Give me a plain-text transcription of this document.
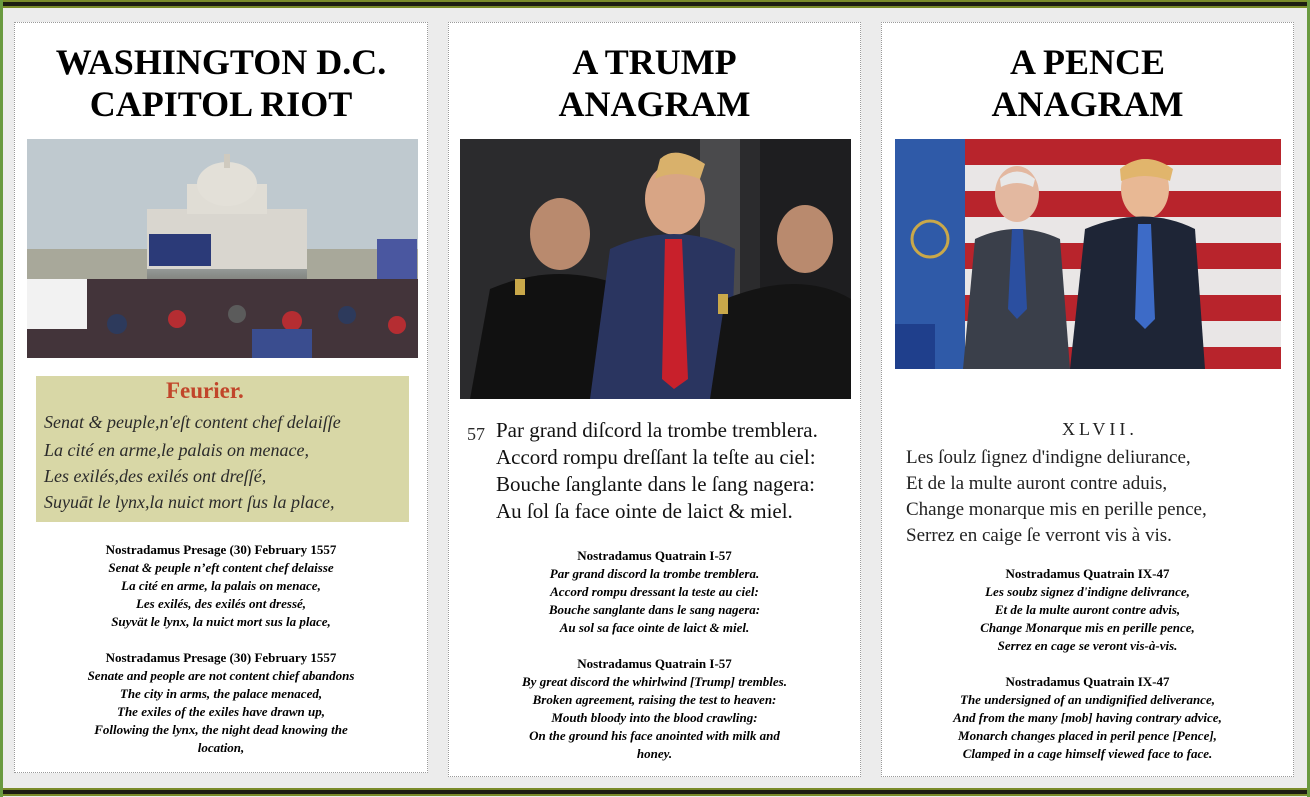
WASHINGTON D.C.
CAPITOL RIOT
Feurier.
Senat & peuple,n'eſt content chef delaiſſe
La cité en arme,le palais on menace,
Les exilés,des exilés ont dreſſé,
Suyuāt le lynx,la nuict mort ſus la place,
Nostradamus Presage (30) February 1557
Senat & peuple n’eft content chef delaisse
La cité en arme, la palais on menace,
Les exilés, des exilés ont dressé,
Suyvät le lynx, la nuict mort sus la place,
Nostradamus Presage (30) February 1557
Senate and people are not content chief abandons
The city in arms, the palace menaced,
The exiles of the exiles have drawn up,
Following the lynx, the night dead knowing the
location,
A TRUMP
ANAGRAM
57 Par grand diſcord la trombe tremblera.
Accord rompu dreſſant la teſte au ciel:
Bouche ſanglante dans le ſang nagera:
Au ſol ſa face ointe de laict & miel.
Nostradamus Quatrain I-57
Par grand discord la trombe tremblera.
Accord rompu dressant la teste au ciel:
Bouche sanglante dans le sang nagera:
Au sol sa face ointe de laict & miel.
Nostradamus Quatrain I-57
By great discord the whirlwind [Trump] trembles.
Broken agreement, raising the test to heaven:
Mouth bloody into the blood crawling:
On the ground his face anointed with milk and
honey.
A PENCE
ANAGRAM
XLVII.
Les ſoulz ſignez d'indigne deliurance,
Et de la multe auront contre aduis,
Change monarque mis en perille pence,
Serrez en caige ſe verront vis à vis.
Nostradamus Quatrain IX-47
Les soubz signez d'indigne delivrance,
Et de la multe auront contre advis,
Change Monarque mis en perille pence,
Serrez en cage se veront vis-à-vis.
Nostradamus Quatrain IX-47
The undersigned of an undignified deliverance,
And from the many [mob] having contrary advice,
Monarch changes placed in peril pence [Pence],
Clamped in a cage himself viewed face to face.
